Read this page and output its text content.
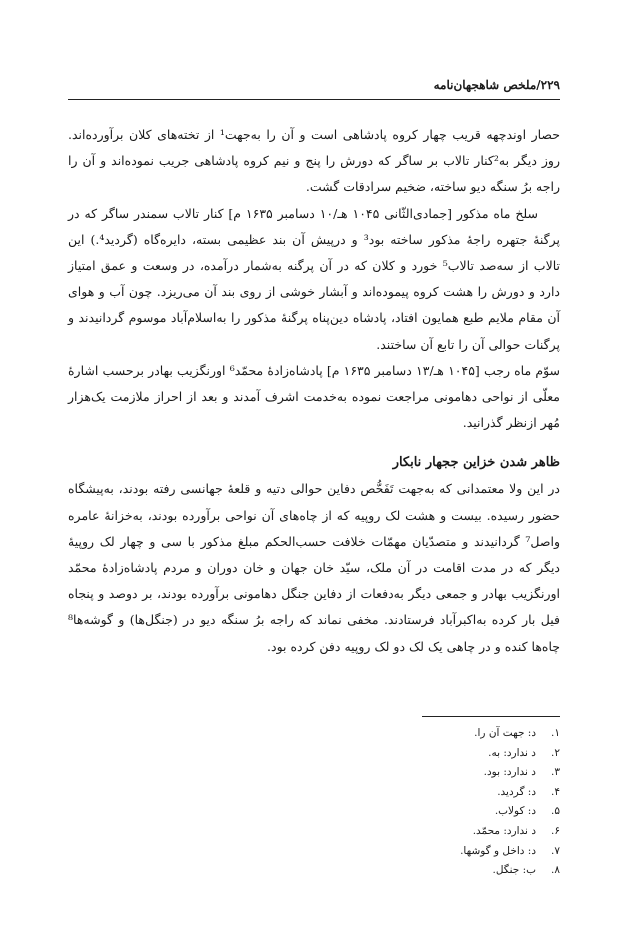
۲۲۹/ملخص شاهجهان‌نامه

حصار اوندچهه قریب چهار کروه پادشاهی است و آن را به‌جهت¹ از تخته‌های کلان برآورده‌اند. روز دیگر به²کنار تالاب بر ساگر که دورش را پنج و نیم کروه پادشاهی جریب نموده‌اند و آن را راجه برُ سنگه دیو ساخته، ضخیم سرادقات گشت.

سلخ ماه مذکور [جمادی‌الثّانی ۱۰۴۵ هـ/۱۰ دسامبر ۱۶۳۵ م] کنار تالاب سمندر ساگر که در پرگنهٔ جتهره راجهٔ مذکور ساخته بود³ و درپیش آن بند عظیمی بسته، دایره‌گاه (گردید⁴.) این تالاب از سه‌صد تالاب⁵ خورد و کلان که در آن پرگنه به‌شمار درآمده، در وسعت و عمق امتیاز دارد و دورش را هشت کروه پیموده‌اند و آبشار خوشی از روی بند آن می‌ریزد. چون آب و هوای آن مقام ملایم طبع همایون افتاد، پادشاه دین‌پناه پرگنهٔ مذکور را به‌اسلام‌آباد موسوم گردانیدند و پرگنات حوالی آن را تابع آن ساختند.

سوّم ماه رجب [۱۰۴۵ هـ/۱۳ دسامبر ۱۶۳۵ م] پادشاه‌زادهٔ محمّد⁶ اورنگزیب بهادر برحسب اشارهٔ معلّی از نواحی دهامونی مراجعت نموده به‌خدمت اشرف آمدند و بعد از احراز ملازمت یک‌هزار مُهر ازنظر گذرانید.

ظاهر شدن خزاین ججهار نابکار

در این ولا معتمدانی که به‌جهت تَفَحُّص دفاین حوالی دتیه و قلعهٔ جهانسی رفته بودند، به‌پیشگاه حضور رسیده. بیست و هشت لک روپیه که از چاه‌های آن نواحی برآورده بودند، به‌خزانهٔ عامره واصل⁷ گردانیدند و متصدّیان مهمّات خلافت حسب‌الحکم مبلغ مذکور با سی و چهار لک روپیهٔ دیگر که در مدت اقامت در آن ملک، سیّد خان جهان و خان دوران و مردم پادشاه‌زادهٔ محمّد اورنگزیب بهادر و جمعی دیگر به‌دفعات از دفاین جنگل دهامونی برآورده بودند، بر دوصد و پنجاه فیل بار کرده به‌اکبرآباد فرستادند. مخفی نماند که راجه برُ سنگه دیو در (جنگل‌ها) و گوشه‌ها⁸ چاه‌ها کنده و در چاهی یک لک دو لک روپیه دفن کرده بود.

۱.
د: جهت آن را.
۲.
د ندارد: به.
۳.
د ندارد: بود.
۴.
د: گردید.
۵.
د: کولاب.
۶.
د ندارد: محمّد.
۷.
د: داخل و گوشها.
۸.
ب: جنگل.
